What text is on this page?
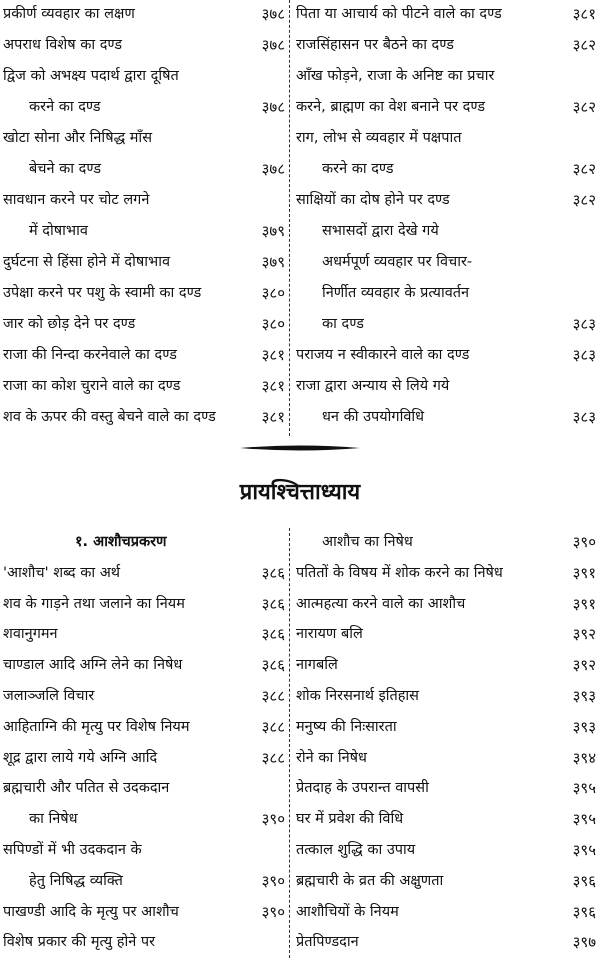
प्रकीर्ण व्यवहार का लक्षण	३७८
अपराध विशेष का दण्ड	३७८
द्विज को अभक्ष्य पदार्थ द्वारा दूषित
करने का दण्ड	३७८
खोटा सोना और निषिद्ध माँस
बेचने का दण्ड	३७८
सावधान करने पर चोट लगने
में दोषाभाव	३७९
दुर्घटना से हिंसा होने में दोषाभाव	३७९
उपेक्षा करने पर पशु के स्वामी का दण्ड	३८०
जार को छोड़ देने पर दण्ड	३८०
राजा की निन्दा करनेवाले का दण्ड	३८१
राजा का कोश चुराने वाले का दण्ड	३८१
शव के ऊपर की वस्तु बेचने वाले का दण्ड	३८१
पिता या आचार्य को पीटने वाले का दण्ड	३८१
राजसिंहासन पर बैठने का दण्ड	३८२
आँख फोड़ने, राजा के अनिष्ट का प्रचार
करने, ब्राह्मण का वेश बनाने पर दण्ड	३८२
राग, लोभ से व्यवहार में पक्षपात
करने का दण्ड	३८२
साक्षियों का दोष होने पर दण्ड	३८२
सभासदों द्वारा देखे गये
अधर्मपूर्ण व्यवहार पर विचार-
निर्णीत व्यवहार के प्रत्यावर्तन
का दण्ड	३८३
पराजय न स्वीकारने वाले का दण्ड	३८३
राजा द्वारा अन्याय से लिये गये
धन की उपयोगविधि	३८३
प्रायश्चित्ताध्याय
१. आशौचप्रकरण
'आशौच' शब्द का अर्थ	३८६
शव के गाड़ने तथा जलाने का नियम	३८६
शवानुगमन	३८६
चाण्डाल आदि अग्नि लेने का निषेध	३८६
जलाञ्जलि विचार	३८८
आहिताग्नि की मृत्यु पर विशेष नियम	३८८
शूद्र द्वारा लाये गये अग्नि आदि	३८८
ब्रह्मचारी और पतित से उदकदान
का निषेध	३९०
सपिण्डों में भी उदकदान के
हेतु निषिद्ध व्यक्ति	३९०
पाखण्डी आदि के मृत्यु पर आशौच	३९०
विशेष प्रकार की मृत्यु होने पर
आशौच का निषेध	३९०
पतितों के विषय में शोक करने का निषेध	३९१
आत्महत्या करने वाले का आशौच	३९१
नारायण बलि	३९२
नागबलि	३९२
शोक निरसनार्थ इतिहास	३९३
मनुष्य की निःसारता	३९३
रोने का निषेध	३९४
प्रेतदाह के उपरान्त वापसी	३९५
घर में प्रवेश की विधि	३९५
तत्काल शुद्धि का उपाय	३९५
ब्रह्मचारी के व्रत की अक्षुणता	३९६
आशौचियों के नियम	३९६
प्रेतपिण्डदान	३९७
